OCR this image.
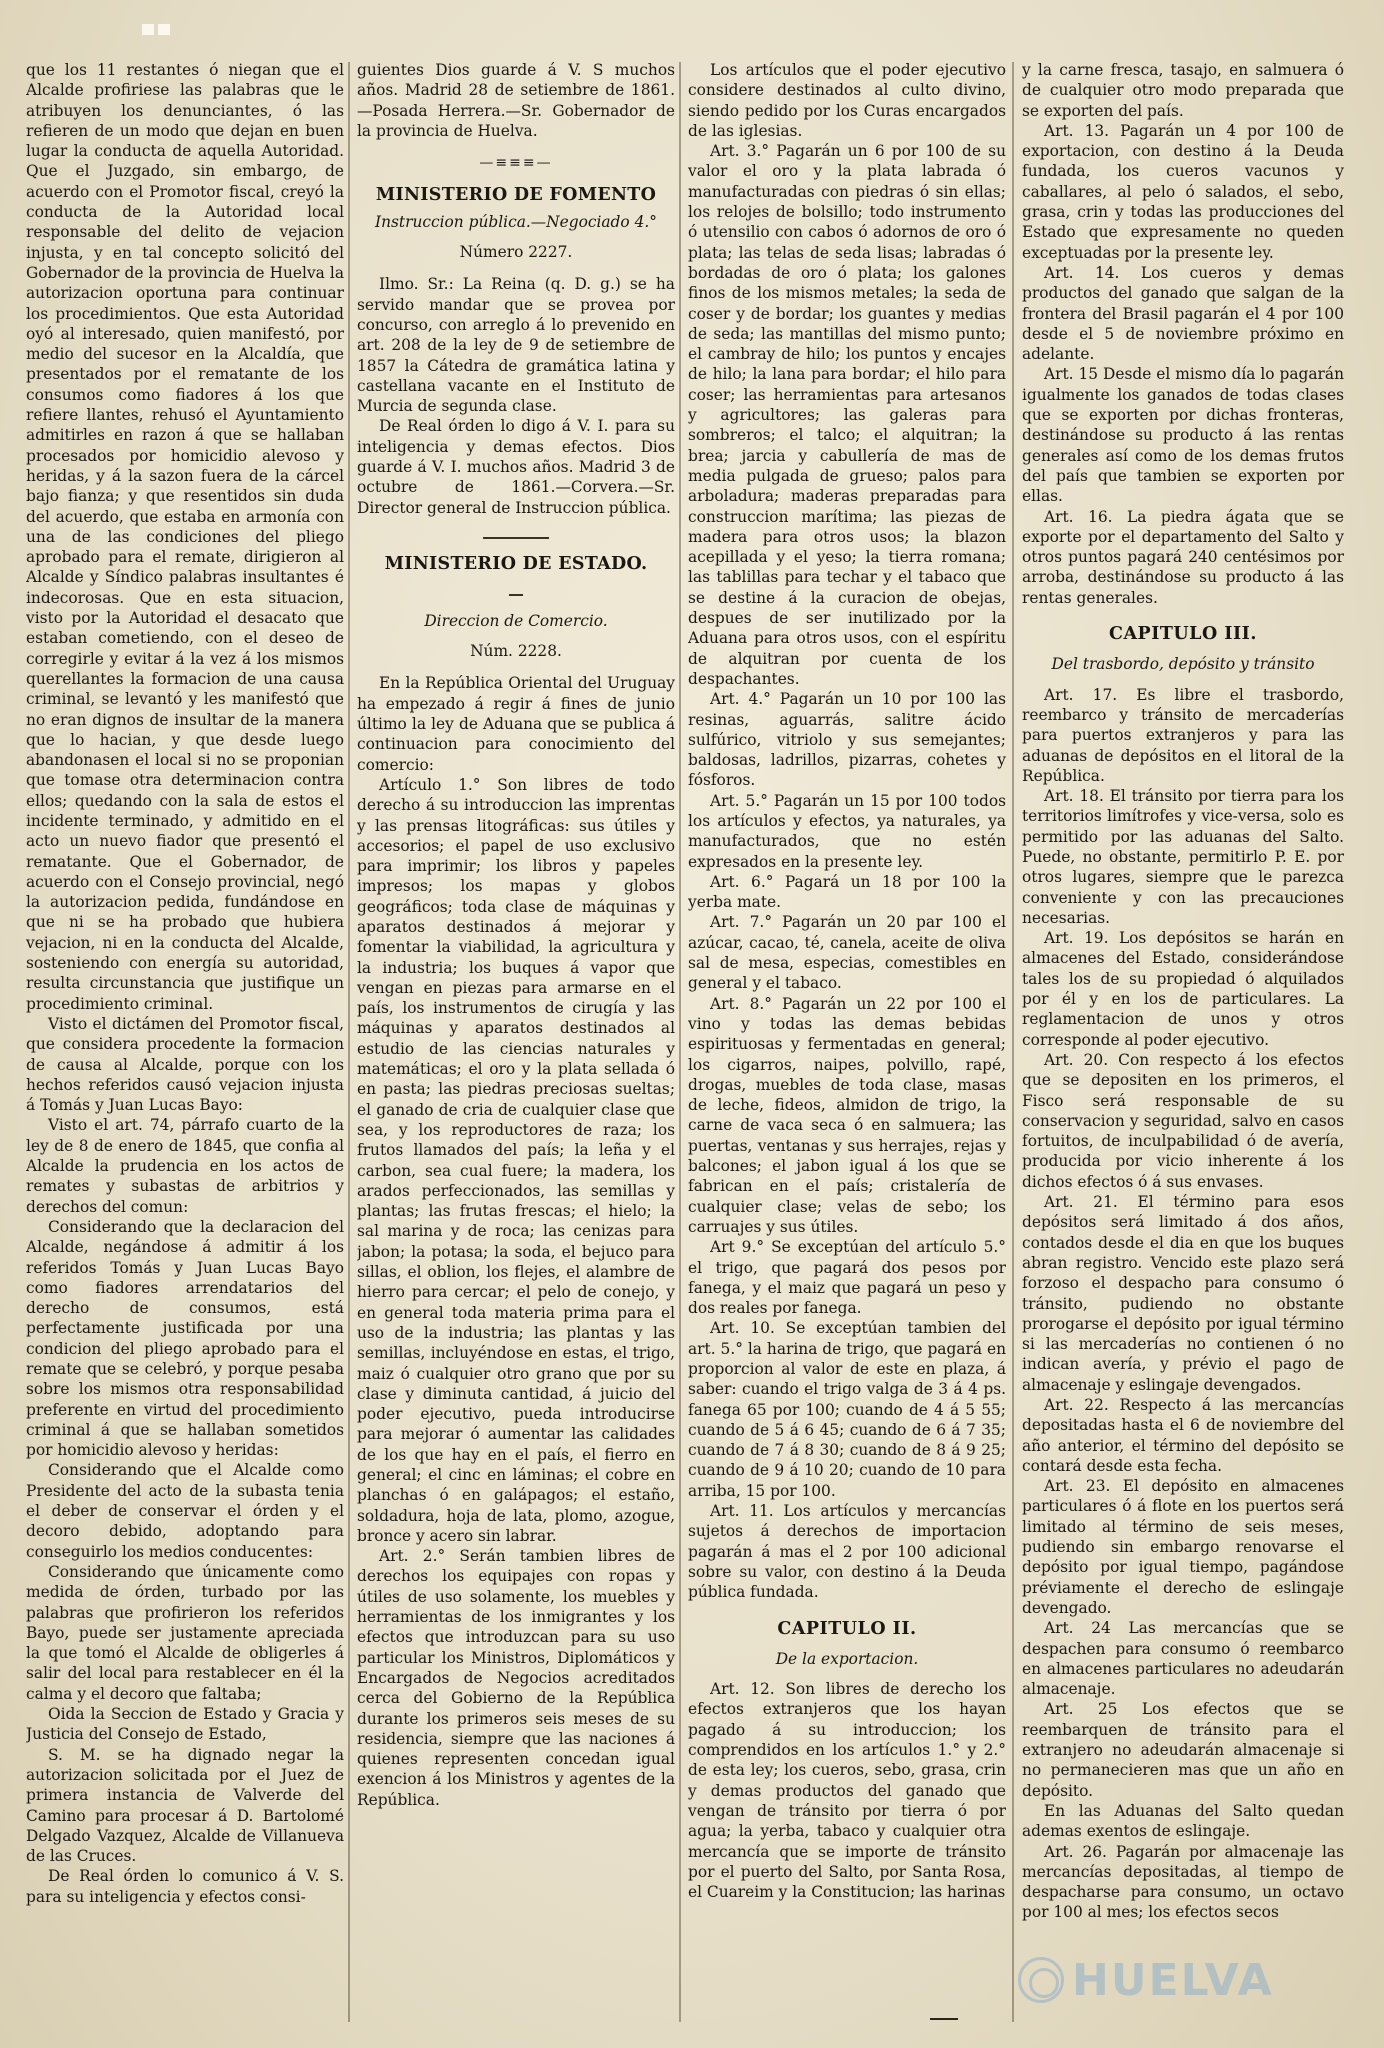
que los 11 restantes ó niegan que el Alcalde profiriese las palabras que le atribuyen los denunciantes, ó las refieren de un modo que dejan en buen lugar la conducta de aquella Autoridad. Que el Juzgado, sin embargo, de acuerdo con el Promotor fiscal, creyó la conducta de la Autoridad local responsable del delito de vejacion injusta, y en tal concepto solicitó del Gobernador de la provincia de Huelva la autorizacion oportuna para continuar los procedimientos. Que esta Autoridad oyó al interesado, quien manifestó, por medio del sucesor en la Alcaldía, que presentados por el rematante de los consumos como fiadores á los que refiere llantes, rehusó el Ayuntamiento admitirles en razon á que se hallaban procesados por homicidio alevoso y heridas, y á la sazon fuera de la cárcel bajo fianza; y que resentidos sin duda del acuerdo, que estaba en armonía con una de las condiciones del pliego aprobado para el remate, dirigieron al Alcalde y Síndico palabras insultantes é indecorosas. Que en esta situacion, visto por la Autoridad el desacato que estaban cometiendo, con el deseo de corregirle y evitar á la vez á los mismos querellantes la formacion de una causa criminal, se levantó y les manifestó que no eran dignos de insultar de la manera que lo hacian, y que desde luego abandonasen el local si no se proponian que tomase otra determinacion contra ellos; quedando con la sala de estos el incidente terminado, y admitido en el acto un nuevo fiador que presentó el rematante. Que el Gobernador, de acuerdo con el Consejo provincial, negó la autorizacion pedida, fundándose en que ni se ha probado que hubiera vejacion, ni en la conducta del Alcalde, sosteniendo con energía su autoridad, resulta circunstancia que justifique un procedimiento criminal.

Visto el dictámen del Promotor fiscal, que considera procedente la formacion de causa al Alcalde, porque con los hechos referidos causó vejacion injusta á Tomás y Juan Lucas Bayo:

Visto el art. 74, párrafo cuarto de la ley de 8 de enero de 1845, que confia al Alcalde la prudencia en los actos de remates y subastas de arbitrios y derechos del comun:

Considerando que la declaracion del Alcalde, negándose á admitir á los referidos Tomás y Juan Lucas Bayo como fiadores arrendatarios del derecho de consumos, está perfectamente justificada por una condicion del pliego aprobado para el remate que se celebró, y porque pesaba sobre los mismos otra responsabilidad preferente en virtud del procedimiento criminal á que se hallaban sometidos por homicidio alevoso y heridas:

Considerando que el Alcalde como Presidente del acto de la subasta tenia el deber de conservar el órden y el decoro debido, adoptando para conseguirlo los medios conducentes:

Considerando que únicamente como medida de órden, turbado por las palabras que profirieron los referidos Bayo, puede ser justamente apreciada la que tomó el Alcalde de obligerles á salir del local para restablecer en él la calma y el decoro que faltaba;

Oida la Seccion de Estado y Gracia y Justicia del Consejo de Estado,

S. M. se ha dignado negar la autorizacion solicitada por el Juez de primera instancia de Valverde del Camino para procesar á D. Bartolomé Delgado Vazquez, Alcalde de Villanueva de las Cruces.

De Real órden lo comunico á V. S. para su inteligencia y efectos consi-

guientes Dios guarde á V. S muchos años. Madrid 28 de setiembre de 1861.—Posada Herrera.—Sr. Gobernador de la provincia de Huelva.

—≡≡≡—
MINISTERIO DE FOMENTO
Instruccion pública.—Negociado 4.°
Número 2227.

Ilmo. Sr.: La Reina (q. D. g.) se ha servido mandar que se provea por concurso, con arreglo á lo prevenido en art. 208 de la ley de 9 de setiembre de 1857 la Cátedra de gramática latina y castellana vacante en el Instituto de Murcia de segunda clase.

De Real órden lo digo á V. I. para su inteligencia y demas efectos. Dios guarde á V. I. muchos años. Madrid 3 de octubre de 1861.—Corvera.—Sr. Director general de Instruccion pública.

MINISTERIO DE ESTADO.
Direccion de Comercio.
Núm. 2228.

En la República Oriental del Uruguay ha empezado á regir á fines de junio último la ley de Aduana que se publica á continuacion para conocimiento del comercio:

Artículo 1.° Son libres de todo derecho á su introduccion las imprentas y las prensas litográficas: sus útiles y accesorios; el papel de uso exclusivo para imprimir; los libros y papeles impresos; los mapas y globos geográficos; toda clase de máquinas y aparatos destinados á mejorar y fomentar la viabilidad, la agricultura y la industria; los buques á vapor que vengan en piezas para armarse en el país, los instrumentos de cirugía y las máquinas y aparatos destinados al estudio de las ciencias naturales y matemáticas; el oro y la plata sellada ó en pasta; las piedras preciosas sueltas; el ganado de cria de cualquier clase que sea, y los reproductores de raza; los frutos llamados del país; la leña y el carbon, sea cual fuere; la madera, los arados perfeccionados, las semillas y plantas; las frutas frescas; el hielo; la sal marina y de roca; las cenizas para jabon; la potasa; la soda, el bejuco para sillas, el oblion, los flejes, el alambre de hierro para cercar; el pelo de conejo, y en general toda materia prima para el uso de la industria; las plantas y las semillas, incluyéndose en estas, el trigo, maiz ó cualquier otro grano que por su clase y diminuta cantidad, á juicio del poder ejecutivo, pueda introducirse para mejorar ó aumentar las calidades de los que hay en el país, el fierro en general; el cinc en láminas; el cobre en planchas ó en galápagos; el estaño, soldadura, hoja de lata, plomo, azogue, bronce y acero sin labrar.

Art. 2.° Serán tambien libres de derechos los equipajes con ropas y útiles de uso solamente, los muebles y herramientas de los inmigrantes y los efectos que introduzcan para su uso particular los Ministros, Diplomáticos y Encargados de Negocios acreditados cerca del Gobierno de la República durante los primeros seis meses de su residencia, siempre que las naciones á quienes representen concedan igual exencion á los Ministros y agentes de la República.

Los artículos que el poder ejecutivo considere destinados al culto divino, siendo pedido por los Curas encargados de las iglesias.

Art. 3.° Pagarán un 6 por 100 de su valor el oro y la plata labrada ó manufacturadas con piedras ó sin ellas; los relojes de bolsillo; todo instrumento ó utensilio con cabos ó adornos de oro ó plata; las telas de seda lisas; labradas ó bordadas de oro ó plata; los galones finos de los mismos metales; la seda de coser y de bordar; los guantes y medias de seda; las mantillas del mismo punto; el cambray de hilo; los puntos y encajes de hilo; la lana para bordar; el hilo para coser; las herramientas para artesanos y agricultores; las galeras para sombreros; el talco; el alquitran; la brea; jarcia y cabullería de mas de media pulgada de grueso; palos para arboladura; maderas preparadas para construccion marítima; las piezas de madera para otros usos; la blazon acepillada y el yeso; la tierra romana; las tablillas para techar y el tabaco que se destine á la curacion de obejas, despues de ser inutilizado por la Aduana para otros usos, con el espíritu de alquitran por cuenta de los despachantes.

Art. 4.° Pagarán un 10 por 100 las resinas, aguarrás, salitre ácido sulfúrico, vitriolo y sus semejantes; baldosas, ladrillos, pizarras, cohetes y fósforos.

Art. 5.° Pagarán un 15 por 100 todos los artículos y efectos, ya naturales, ya manufacturados, que no estén expresados en la presente ley.

Art. 6.° Pagará un 18 por 100 la yerba mate.

Art. 7.° Pagarán un 20 par 100 el azúcar, cacao, té, canela, aceite de oliva sal de mesa, especias, comestibles en general y el tabaco.

Art. 8.° Pagarán un 22 por 100 el vino y todas las demas bebidas espirituosas y fermentadas en general; los cigarros, naipes, polvillo, rapé, drogas, muebles de toda clase, masas de leche, fideos, almidon de trigo, la carne de vaca seca ó en salmuera; las puertas, ventanas y sus herrajes, rejas y balcones; el jabon igual á los que se fabrican en el país; cristalería de cualquier clase; velas de sebo; los carruajes y sus útiles.

Art 9.° Se exceptúan del artículo 5.° el trigo, que pagará dos pesos por fanega, y el maiz que pagará un peso y dos reales por fanega.

Art. 10. Se exceptúan tambien del art. 5.° la harina de trigo, que pagará en proporcion al valor de este en plaza, á saber: cuando el trigo valga de 3 á 4 ps. fanega 65 por 100; cuando de 4 á 5 55; cuando de 5 á 6 45; cuando de 6 á 7 35; cuando de 7 á 8 30; cuando de 8 á 9 25; cuando de 9 á 10 20; cuando de 10 para arriba, 15 por 100.

Art. 11. Los artículos y mercancías sujetos á derechos de importacion pagarán á mas el 2 por 100 adicional sobre su valor, con destino á la Deuda pública fundada.

CAPITULO II.
De la exportacion.

Art. 12. Son libres de derecho los efectos extranjeros que los hayan pagado á su introduccion; los comprendidos en los artículos 1.° y 2.° de esta ley; los cueros, sebo, grasa, crin y demas productos del ganado que vengan de tránsito por tierra ó por agua; la yerba, tabaco y cualquier otra mercancía que se importe de tránsito por el puerto del Salto, por Santa Rosa, el Cuareim y la Constitucion; las harinas

y la carne fresca, tasajo, en salmuera ó de cualquier otro modo preparada que se exporten del país.

Art. 13. Pagarán un 4 por 100 de exportacion, con destino á la Deuda fundada, los cueros vacunos y caballares, al pelo ó salados, el sebo, grasa, crin y todas las producciones del Estado que expresamente no queden exceptuadas por la presente ley.

Art. 14. Los cueros y demas productos del ganado que salgan de la frontera del Brasil pagarán el 4 por 100 desde el 5 de noviembre próximo en adelante.

Art. 15 Desde el mismo día lo pagarán igualmente los ganados de todas clases que se exporten por dichas fronteras, destinándose su producto á las rentas generales así como de los demas frutos del país que tambien se exporten por ellas.

Art. 16. La piedra ágata que se exporte por el departamento del Salto y otros puntos pagará 240 centésimos por arroba, destinándose su producto á las rentas generales.

CAPITULO III.
Del trasbordo, depósito y tránsito

Art. 17. Es libre el trasbordo, reembarco y tránsito de mercaderías para puertos extranjeros y para las aduanas de depósitos en el litoral de la República.

Art. 18. El tránsito por tierra para los territorios limítrofes y vice-versa, solo es permitido por las aduanas del Salto. Puede, no obstante, permitirlo P. E. por otros lugares, siempre que le parezca conveniente y con las precauciones necesarias.

Art. 19. Los depósitos se harán en almacenes del Estado, considerándose tales los de su propiedad ó alquilados por él y en los de particulares. La reglamentacion de unos y otros corresponde al poder ejecutivo.

Art. 20. Con respecto á los efectos que se depositen en los primeros, el Fisco será responsable de su conservacion y seguridad, salvo en casos fortuitos, de inculpabilidad ó de avería, producida por vicio inherente á los dichos efectos ó á sus envases.

Art. 21. El término para esos depósitos será limitado á dos años, contados desde el dia en que los buques abran registro. Vencido este plazo será forzoso el despacho para consumo ó tránsito, pudiendo no obstante prorogarse el depósito por igual término si las mercaderías no contienen ó no indican avería, y prévio el pago de almacenaje y eslingaje devengados.

Art. 22. Respecto á las mercancías depositadas hasta el 6 de noviembre del año anterior, el término del depósito se contará desde esta fecha.

Art. 23. El depósito en almacenes particulares ó á flote en los puertos será limitado al término de seis meses, pudiendo sin embargo renovarse el depósito por igual tiempo, pagándose préviamente el derecho de eslingaje devengado.

Art. 24 Las mercancías que se despachen para consumo ó reembarco en almacenes particulares no adeudarán almacenaje.

Art. 25 Los efectos que se reembarquen de tránsito para el extranjero no adeudarán almacenaje si no permanecieren mas que un año en depósito.

En las Aduanas del Salto quedan ademas exentos de eslingaje.

Art. 26. Pagarán por almacenaje las mercancías depositadas, al tiempo de despacharse para consumo, un octavo por 100 al mes; los efectos secos

HUELVA
